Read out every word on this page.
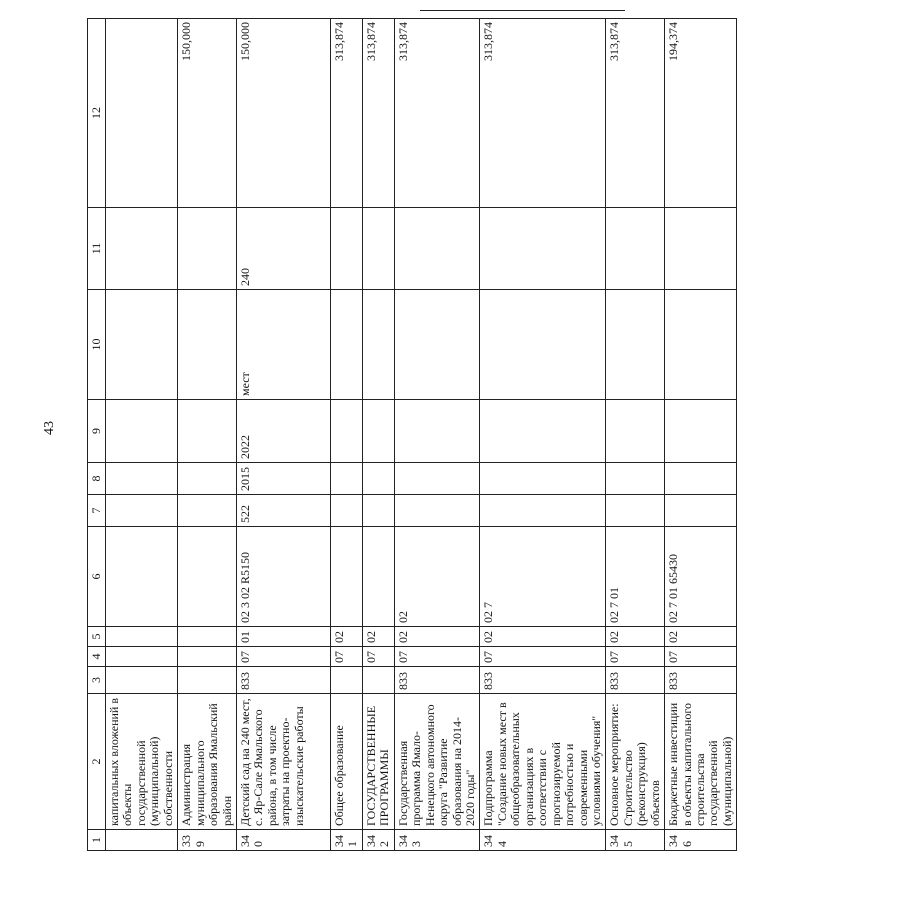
43
1	2	3	4	5	6	7	8	9	10	11	12
	капитальных вложений в объекты государственной (муниципальной) собственности										
339	Администрация муниципального образования Ямальский район										150,000
340	Детский сад на 240 мест, с. Яр-Сале Ямальского района, в том числе затраты на проектно-изыскательские работы	833	07	01	02 3 02 R5150	522	2015	2022	мест	240	150,000
341	Общее образование		07	02							313,874
342	ГОСУДАРСТВЕННЫЕ ПРОГРАММЫ		07	02							313,874
343	Государственная программа Ямало-Ненецкого автономного округа "Развитие образования на 2014-2020 годы"	833	07	02	02						313,874
344	Подпрограмма "Создание новых мест в общеобразовательных организациях в соответствии с прогнозируемой потребностью и современными условиями обучения"	833	07	02	02 7						313,874
345	Основное мероприятие: Строительство (реконструкция) объектов	833	07	02	02 7 01						313,874
346	Бюджетные инвестиции в объекты капитального строительства государственной (муниципальной)	833	07	02	02 7 01 65430						194,374
